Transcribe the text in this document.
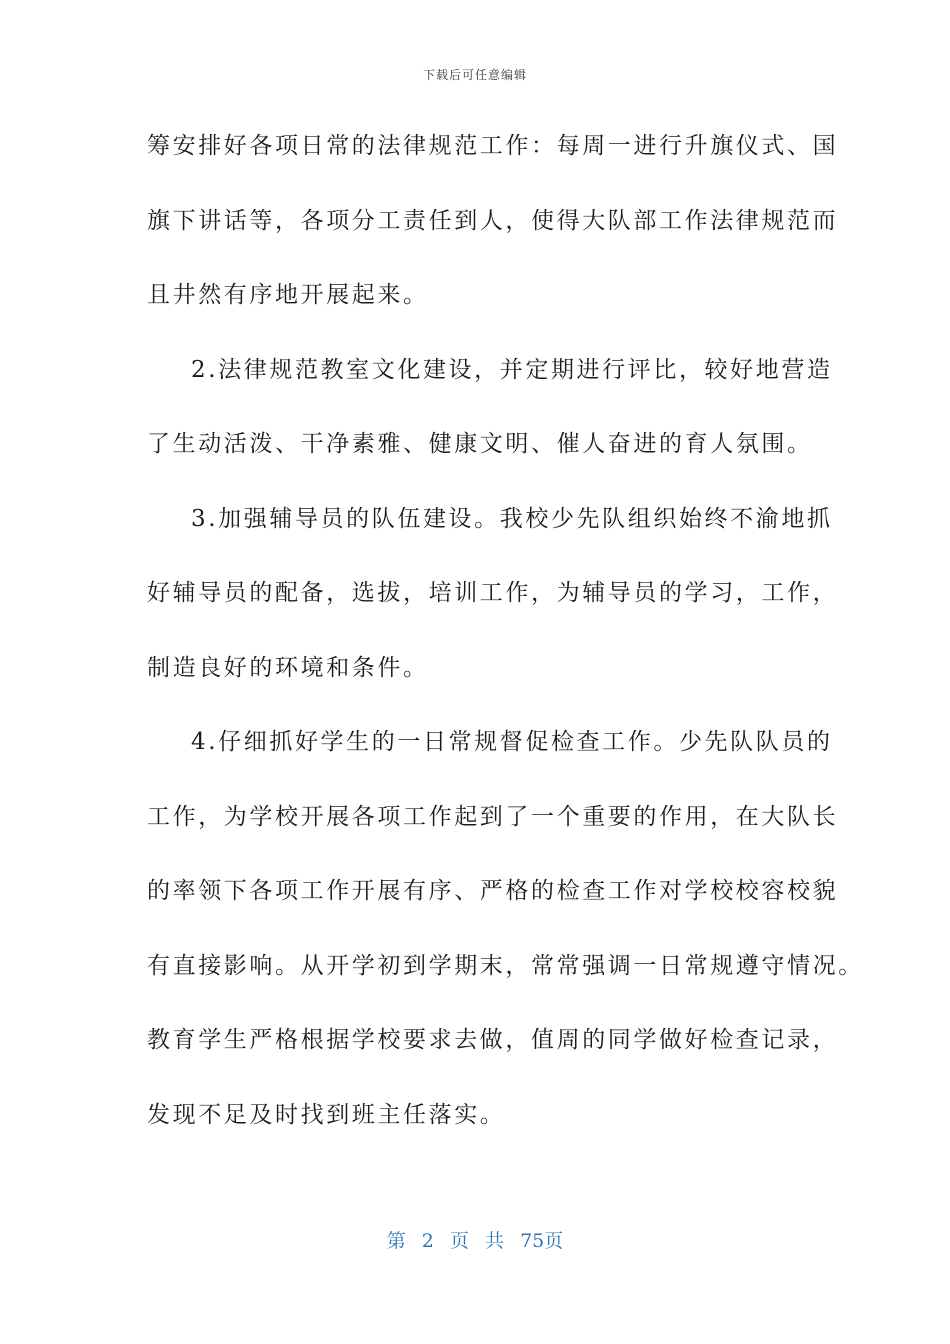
下载后可任意编辑
筹安排好各项日常的法律规范工作：每周一进行升旗仪式、国
旗下讲话等，各项分工责任到人，使得大队部工作法律规范而
且井然有序地开展起来。
2.法律规范教室文化建设，并定期进行评比，较好地营造
了生动活泼、干净素雅、健康文明、催人奋进的育人氛围。
3.加强辅导员的队伍建设。我校少先队组织始终不渝地抓
好辅导员的配备，选拔，培训工作，为辅导员的学习，工作，
制造良好的环境和条件。
4.仔细抓好学生的一日常规督促检查工作。少先队队员的
工作，为学校开展各项工作起到了一个重要的作用，在大队长
的率领下各项工作开展有序、严格的检查工作对学校校容校貌
有直接影响。从开学初到学期末，常常强调一日常规遵守情况。
教育学生严格根据学校要求去做，值周的同学做好检查记录，
发现不足及时找到班主任落实。
第 2 页 共 75页
